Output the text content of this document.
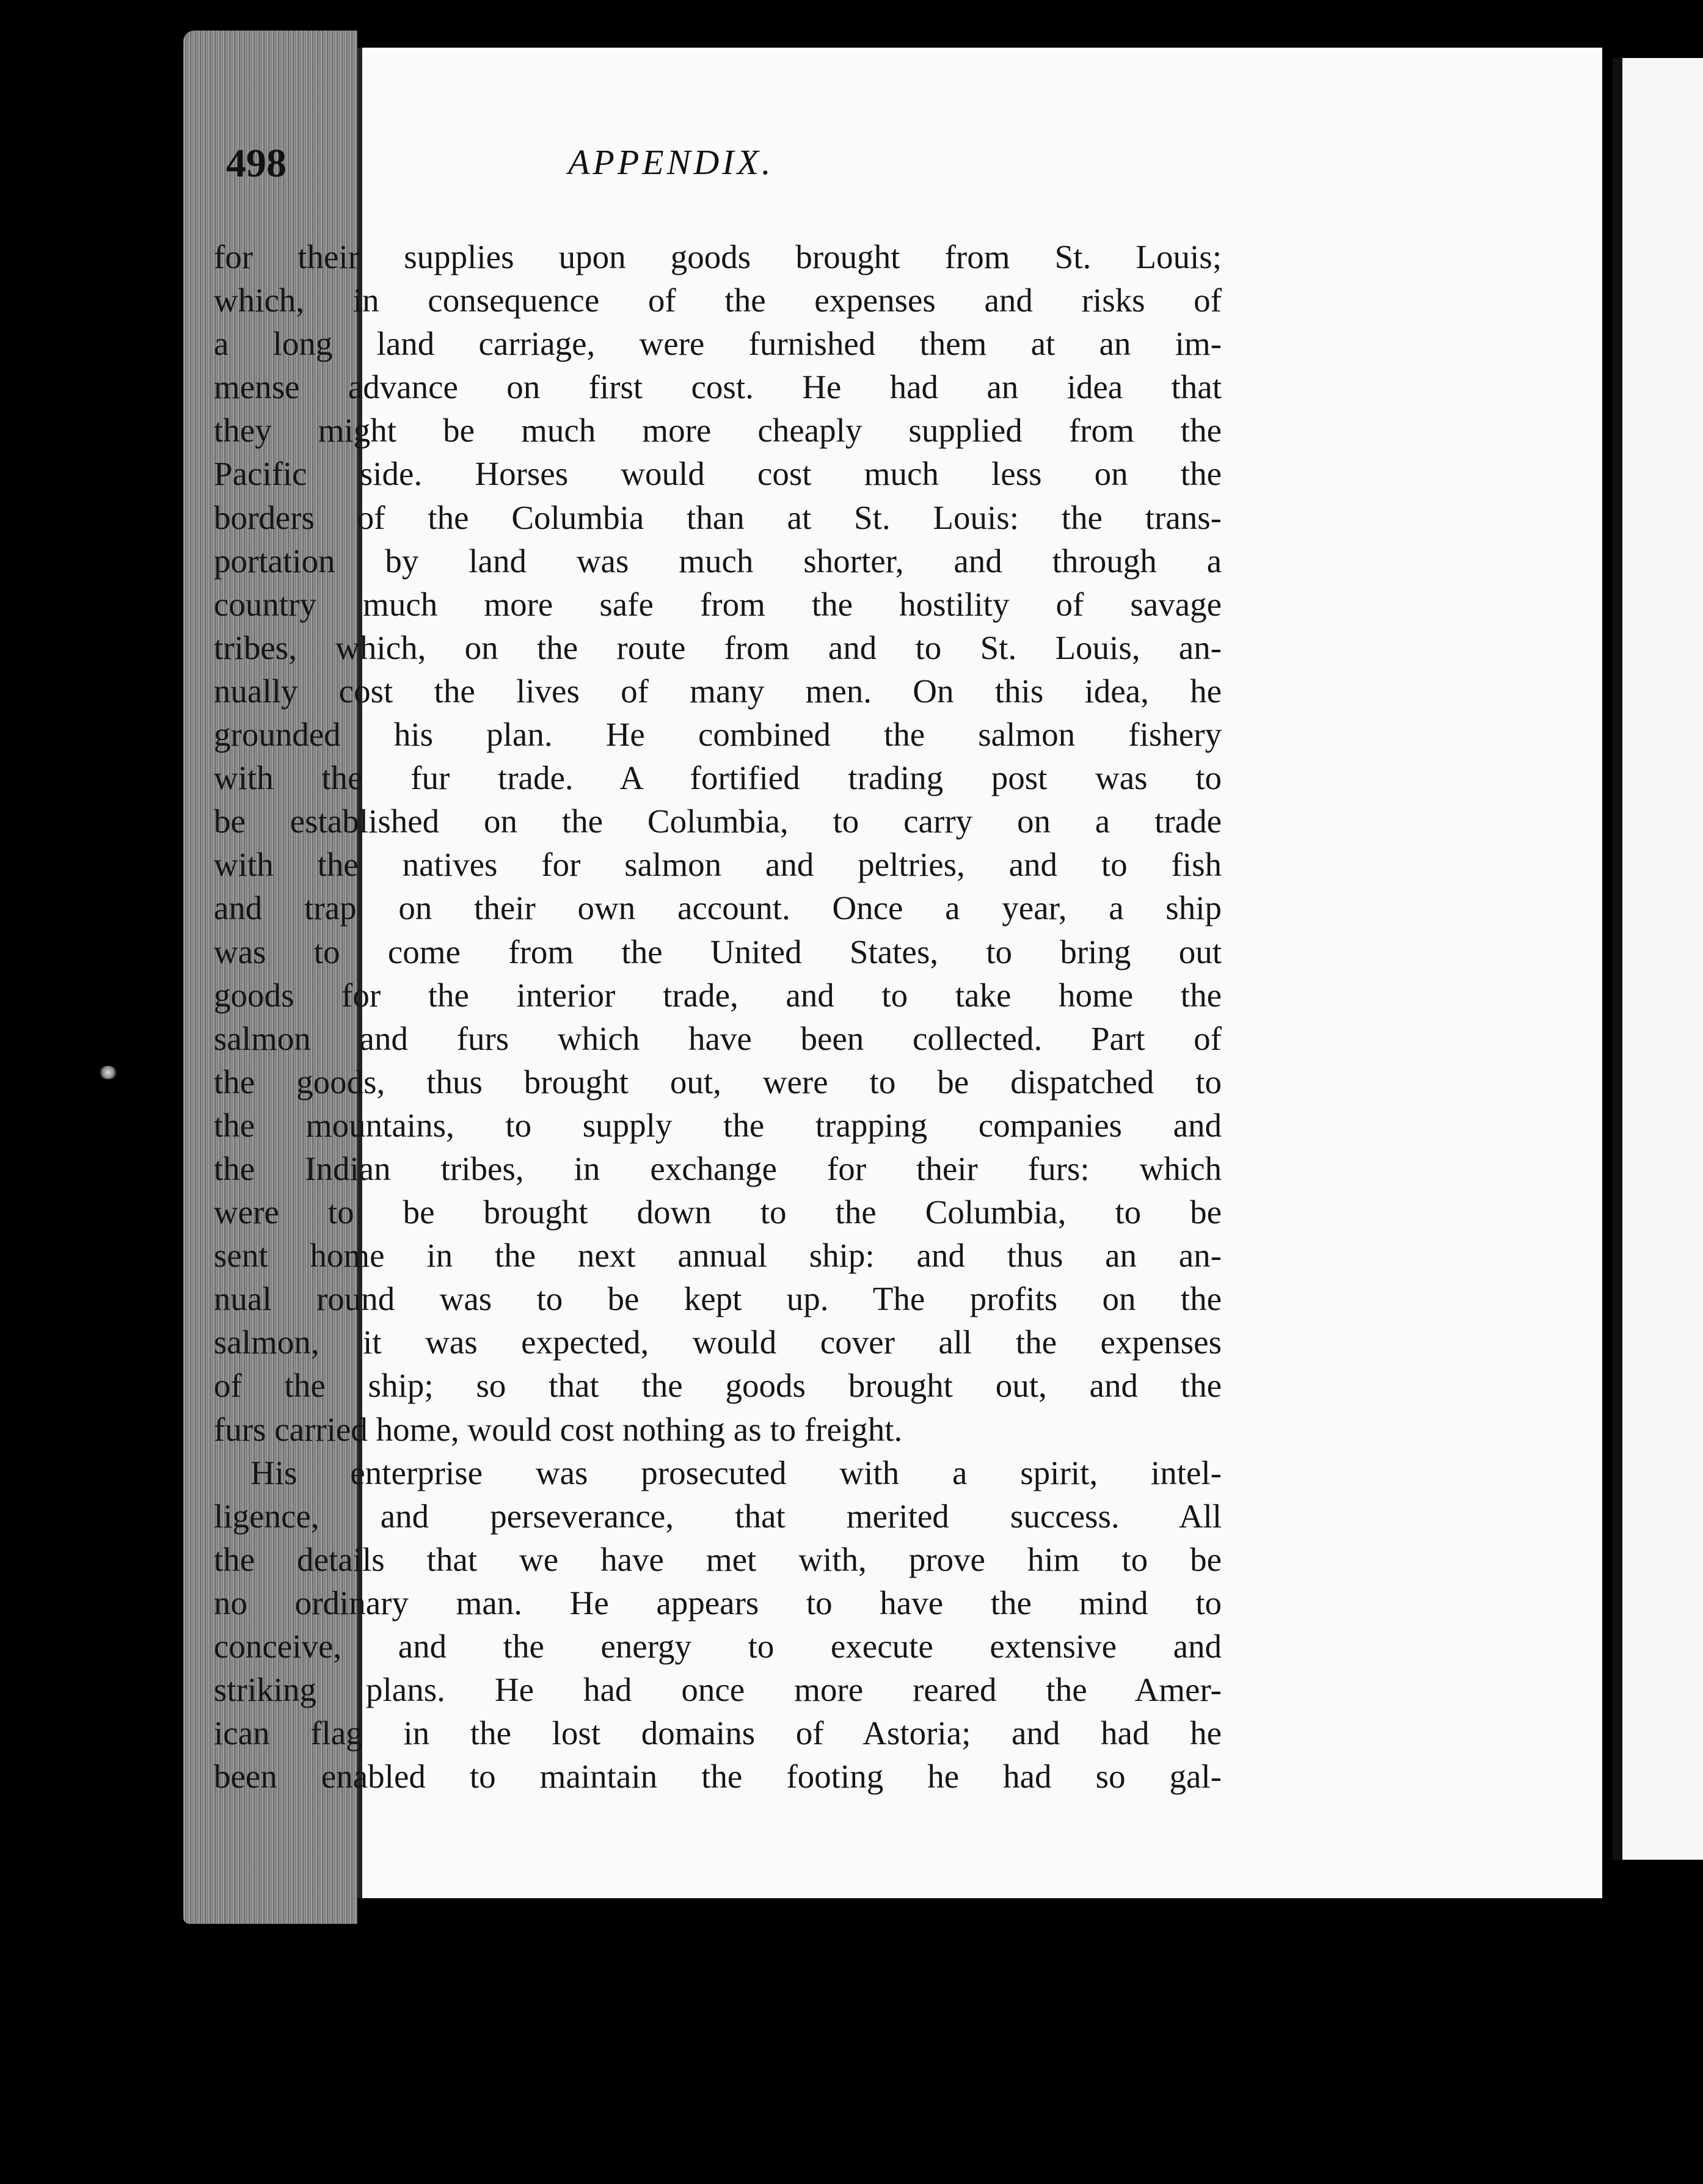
498	APPENDIX.
for their supplies upon goods brought from St. Louis;
which, in consequence of the expenses and risks of
a long land carriage, were furnished them at an im-
mense advance on first cost. He had an idea that
they might be much more cheaply supplied from the
Pacific side. Horses would cost much less on the
borders of the Columbia than at St. Louis: the trans-
portation by land was much shorter, and through a
country much more safe from the hostility of savage
tribes, which, on the route from and to St. Louis, an-
nually cost the lives of many men. On this idea, he
grounded his plan. He combined the salmon fishery
with the fur trade. A fortified trading post was to
be established on the Columbia, to carry on a trade
with the natives for salmon and peltries, and to fish
and trap on their own account. Once a year, a ship
was to come from the United States, to bring out
goods for the interior trade, and to take home the
salmon and furs which have been collected. Part of
the goods, thus brought out, were to be dispatched to
the mountains, to supply the trapping companies and
the Indian tribes, in exchange for their furs: which
were to be brought down to the Columbia, to be
sent home in the next annual ship: and thus an an-
nual round was to be kept up. The profits on the
salmon, it was expected, would cover all the expenses
of the ship; so that the goods brought out, and the
furs carried home, would cost nothing as to freight.
His enterprise was prosecuted with a spirit, intel-
ligence, and perseverance, that merited success. All
the details that we have met with, prove him to be
no ordinary man. He appears to have the mind to
conceive, and the energy to execute extensive and
striking plans. He had once more reared the Amer-
ican flag in the lost domains of Astoria; and had he
been enabled to maintain the footing he had so gal-
